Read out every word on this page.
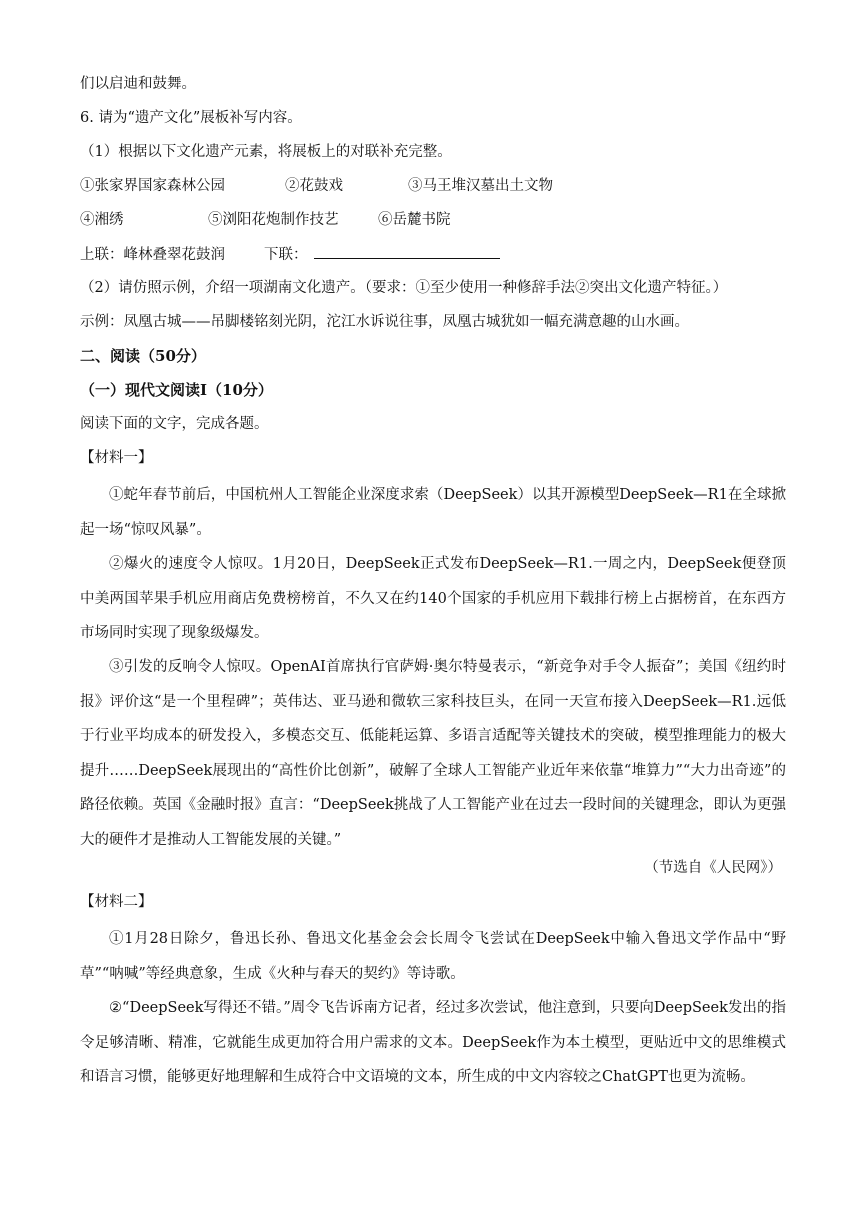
们以启迪和鼓舞。
6. 请为“遗产文化”展板补写内容。
（1）根据以下文化遗产元素，将展板上的对联补充完整。
①张家界国家森林公园	②花鼓戏	③马王堆汉墓出土文物
④湘绣	⑤浏阳花炮制作技艺	⑥岳麓书院
上联：峰林叠翠花鼓润	下联：
（2）请仿照示例，介绍一项湖南文化遗产。（要求：①至少使用一种修辞手法②突出文化遗产特征。）
示例：凤凰古城——吊脚楼铭刻光阴，沱江水诉说往事，凤凰古城犹如一幅充满意趣的山水画。
二、阅读（50分）
（一）现代文阅读Ⅰ（10分）
阅读下面的文字，完成各题。
【材料一】
①蛇年春节前后，中国杭州人工智能企业深度求索（DeepSeek）以其开源模型DeepSeek—R1在全球掀起一场“惊叹风暴”。
②爆火的速度令人惊叹。1月20日，DeepSeek正式发布DeepSeek—R1.一周之内，DeepSeek便登顶中美两国苹果手机应用商店免费榜榜首，不久又在约140个国家的手机应用下载排行榜上占据榜首，在东西方市场同时实现了现象级爆发。
③引发的反响令人惊叹。OpenAI首席执行官萨姆·奥尔特曼表示，“新竞争对手令人振奋”；美国《纽约时报》评价这“是一个里程碑”；英伟达、亚马逊和微软三家科技巨头，在同一天宣布接入DeepSeek—R1.远低于行业平均成本的研发投入，多模态交互、低能耗运算、多语言适配等关键技术的突破，模型推理能力的极大提升……DeepSeek展现出的“高性价比创新”，破解了全球人工智能产业近年来依靠“堆算力”“大力出奇迹”的路径依赖。英国《金融时报》直言：“DeepSeek挑战了人工智能产业在过去一段时间的关键理念，即认为更强大的硬件才是推动人工智能发展的关键。”
（节选自《人民网》）
【材料二】
①1月28日除夕，鲁迅长孙、鲁迅文化基金会会长周令飞尝试在DeepSeek中输入鲁迅文学作品中“野草”“呐喊”等经典意象，生成《火种与春天的契约》等诗歌。
②“DeepSeek写得还不错。”周令飞告诉南方记者，经过多次尝试，他注意到，只要向DeepSeek发出的指令足够清晰、精准，它就能生成更加符合用户需求的文本。DeepSeek作为本土模型，更贴近中文的思维模式和语言习惯，能够更好地理解和生成符合中文语境的文本，所生成的中文内容较之ChatGPT也更为流畅。
